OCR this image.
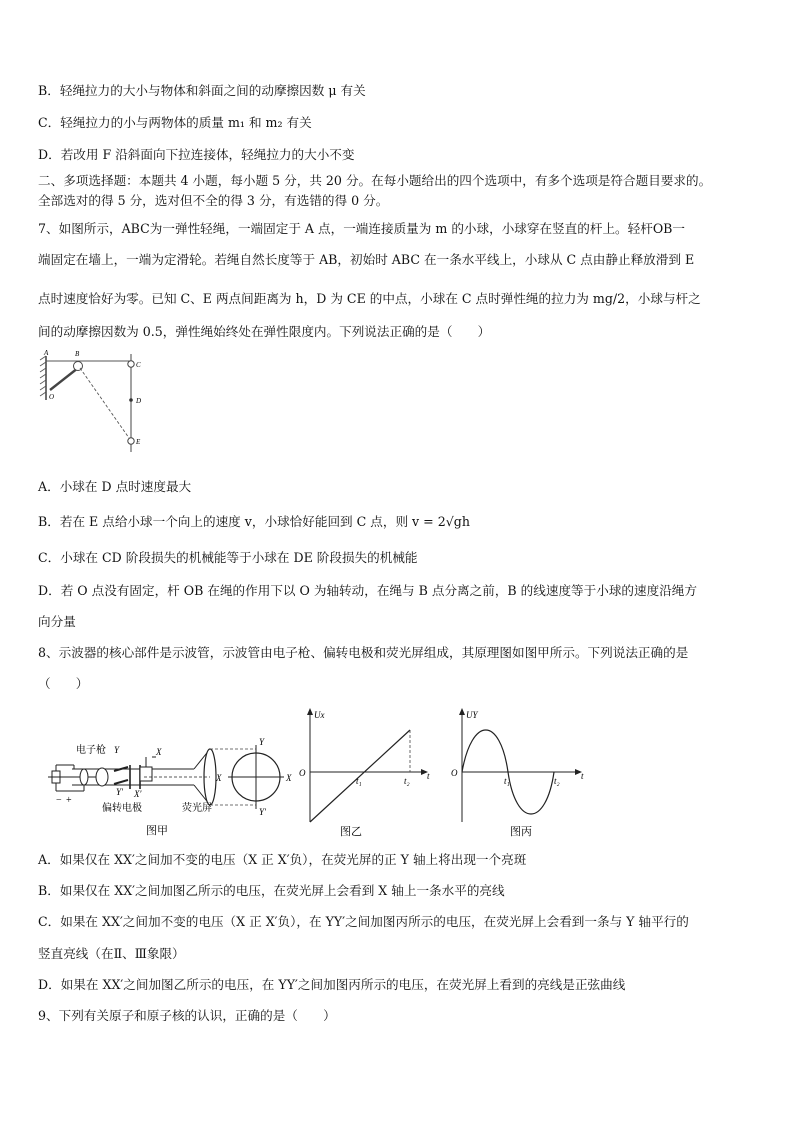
B．轻绳拉力的大小与物体和斜面之间的动摩擦因数 μ 有关
C．轻绳拉力的小与两物体的质量 m₁ 和 m₂ 有关
D．若改用 F 沿斜面向下拉连接体，轻绳拉力的大小不变
二、多项选择题：本题共 4 小题，每小题 5 分，共 20 分。在每小题给出的四个选项中，有多个选项是符合题目要求的。
全部选对的得 5 分，选对但不全的得 3 分，有选错的得 0 分。
7、如图所示，ABC为一弹性轻绳，一端固定于 A 点，一端连接质量为 m 的小球，小球穿在竖直的杆上。轻杆OB一
端固定在墙上，一端为定滑轮。若绳自然长度等于 AB，初始时 ABC 在一条水平线上，小球从 C 点由静止释放滑到 E
点时速度恰好为零。已知 C、E 两点间距离为 h，D 为 CE 的中点，小球在 C 点时弹性绳的拉力为 mg/2，小球与杆之
间的动摩擦因数为 0.5，弹性绳始终处在弹性限度内。下列说法正确的是（　　）
A	B
C
D
E
O
A．小球在 D 点时速度最大
B．若在 E 点给小球一个向上的速度 v，小球恰好能回到 C 点，则 v = 2√gh
C．小球在 CD 阶段损失的机械能等于小球在 DE 阶段损失的机械能
D．若 O 点没有固定，杆 OB 在绳的作用下以 O 为轴转动，在绳与 B 点分离之前，B 的线速度等于小球的速度沿绳方
向分量
8、示波器的核心部件是示波管，示波管由电子枪、偏转电极和荧光屏组成，其原理图如图甲所示。下列说法正确的是
（　　）
电子枪 Y	X
Y′ X′
X	X
Y
Y′
− +
偏转电极	荧光屏
图甲
Ux
O
t₁	t₂ t
图乙
UY
O
t₁	t₂ t
图丙
A．如果仅在 XX′之间加不变的电压（X 正 X′负），在荧光屏的正 Y 轴上将出现一个亮斑
B．如果仅在 XX′之间加图乙所示的电压，在荧光屏上会看到 X 轴上一条水平的亮线
C．如果在 XX′之间加不变的电压（X 正 X′负），在 YY′之间加图丙所示的电压，在荧光屏上会看到一条与 Y 轴平行的
竖直亮线（在Ⅱ、Ⅲ象限）
D．如果在 XX′之间加图乙所示的电压，在 YY′之间加图丙所示的电压，在荧光屏上看到的亮线是正弦曲线
9、下列有关原子和原子核的认识，正确的是（　　）
